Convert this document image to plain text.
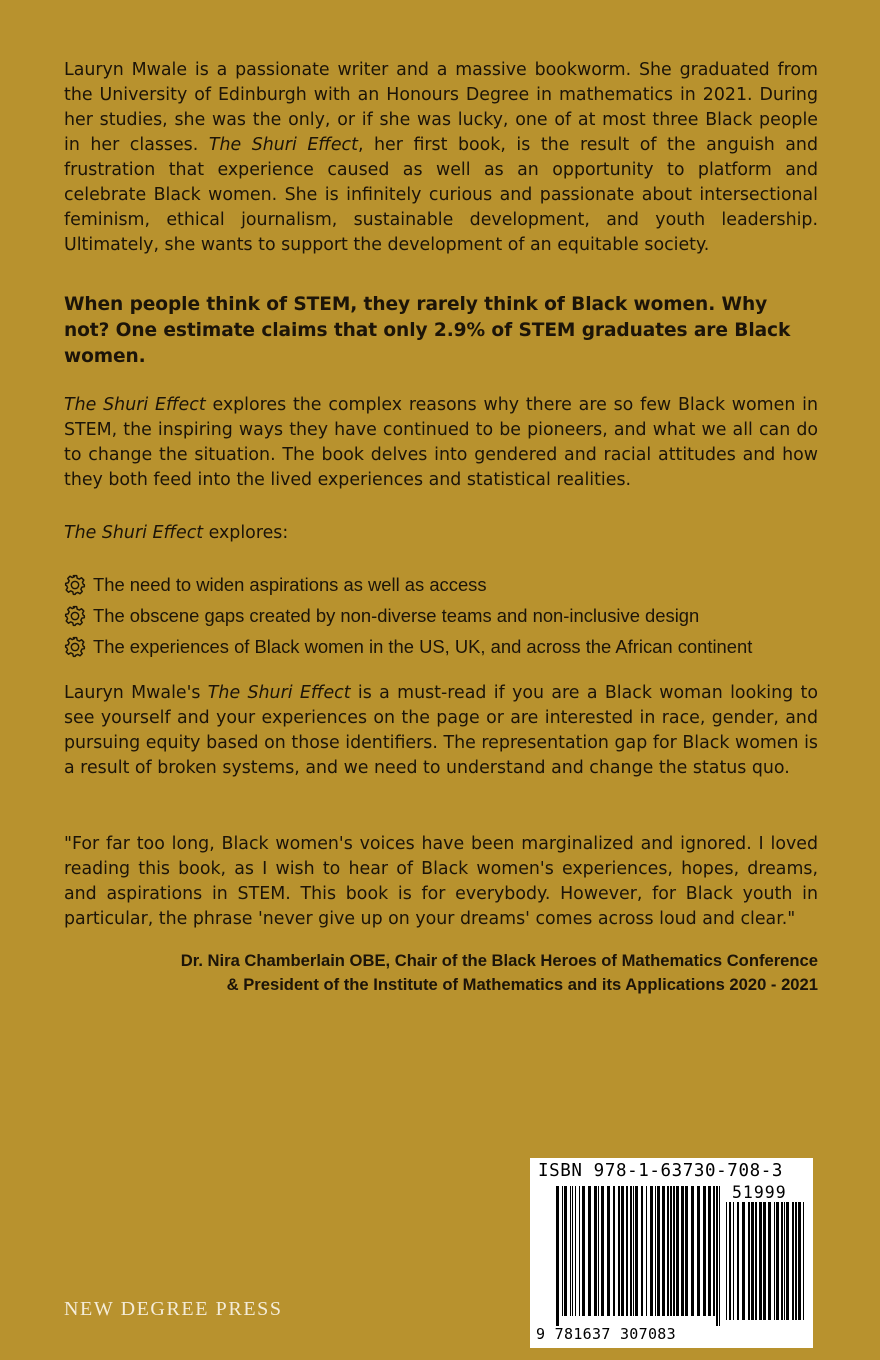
Lauryn Mwale is a passionate writer and a massive bookworm. She graduated from the University of Edinburgh with an Honours Degree in mathematics in 2021. During her studies, she was the only, or if she was lucky, one of at most three Black people in her classes. The Shuri Effect, her first book, is the result of the anguish and frustration that experience caused as well as an opportunity to platform and celebrate Black women. She is infinitely curious and passionate about intersectional feminism, ethical journalism, sustainable development, and youth leadership. Ultimately, she wants to support the development of an equitable society.

When people think of STEM, they rarely think of Black women. Why not? One estimate claims that only 2.9% of STEM graduates are Black women.

The Shuri Effect explores the complex reasons why there are so few Black women in STEM, the inspiring ways they have continued to be pioneers, and what we all can do to change the situation. The book delves into gendered and racial attitudes and how they both feed into the lived experiences and statistical realities.

The Shuri Effect explores:

The need to widen aspirations as well as access
The obscene gaps created by non-diverse teams and non-inclusive design
The experiences of Black women in the US, UK, and across the African continent

Lauryn Mwale's The Shuri Effect is a must-read if you are a Black woman looking to see yourself and your experiences on the page or are interested in race, gender, and pursuing equity based on those identifiers. The representation gap for Black women is a result of broken systems, and we need to understand and change the status quo.

"For far too long, Black women's voices have been marginalized and ignored. I loved reading this book, as I wish to hear of Black women's experiences, hopes, dreams, and aspirations in STEM. This book is for everybody. However, for Black youth in particular, the phrase 'never give up on your dreams' comes across loud and clear."

Dr. Nira Chamberlain OBE, Chair of the Black Heroes of Mathematics Conference
& President of the Institute of Mathematics and its Applications 2020 - 2021
NEW DEGREE PRESS
ISBN 978-1-63730-708-3
51999
9 781637 307083
